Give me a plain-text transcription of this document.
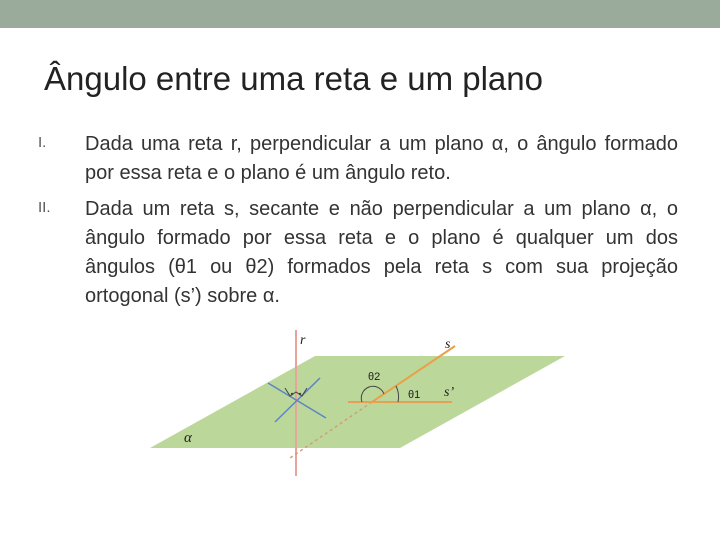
Ângulo entre uma reta e um plano
I. Dada uma reta r, perpendicular a um plano α, o ângulo formado por essa reta e o plano é um ângulo reto.
II. Dada um reta s, secante e não perpendicular a um plano α, o ângulo formado por essa reta e o plano é qualquer um dos ângulos (θ1 ou θ2) formados pela reta s com sua projeção ortogonal (s’) sobre α.
r	s
s’
θ2
θ1
α
